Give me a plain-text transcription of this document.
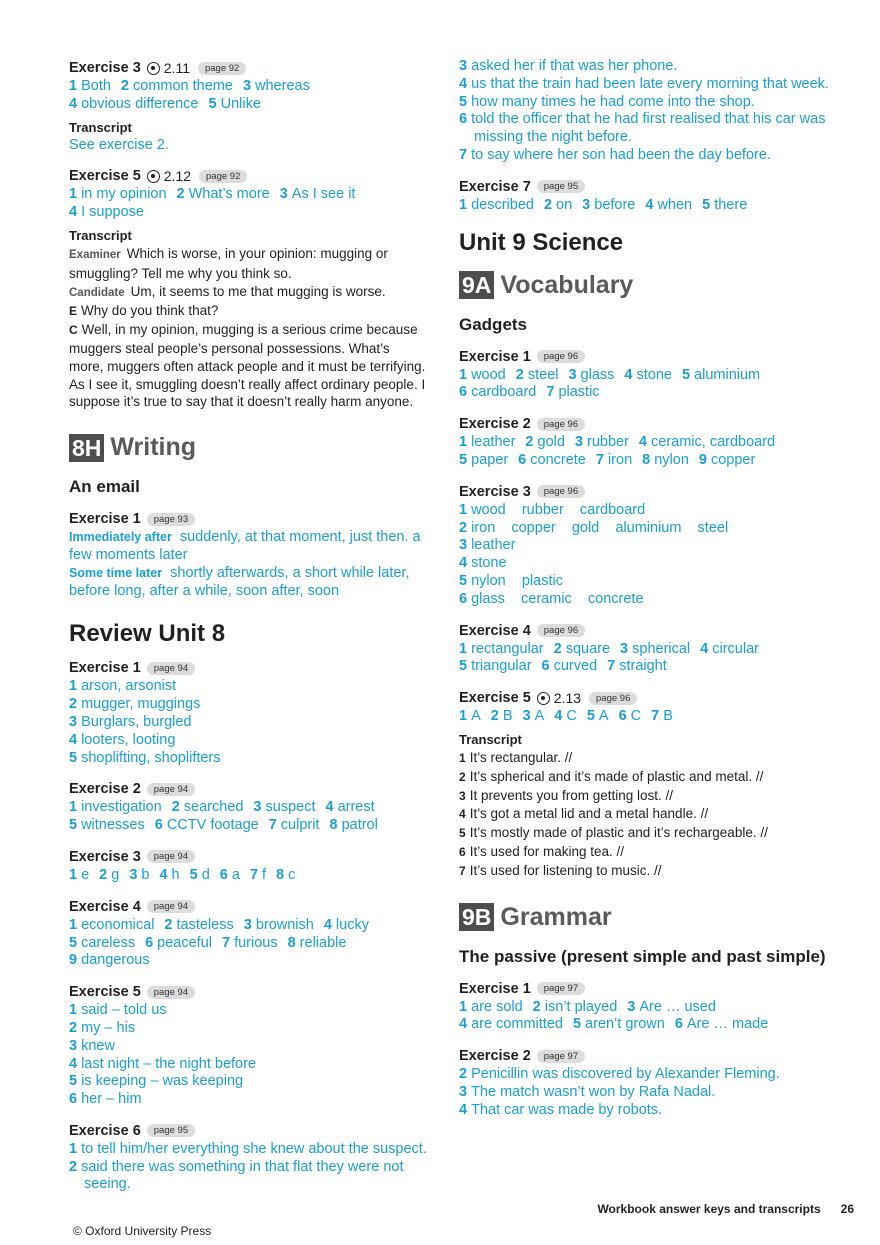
Exercise 3 2.11	page 92
1 Both 2 common theme 3 whereas
4 obvious difference 5 Unlike
Transcript
See exercise 2.
Exercise 5 2.12	page 92
1 in my opinion 2 What’s more 3 As I see it
4 I suppose
Transcript
Examiner Which is worse, in your opinion: mugging or smuggling? Tell me why you think so.
Candidate Um, it seems to me that mugging is worse.
E Why do you think that?
C Well, in my opinion, mugging is a serious crime because muggers steal people’s personal possessions. What’s more, muggers often attack people and it must be terrifying. As I see it, smuggling doesn’t really affect ordinary people. I suppose it’s true to say that it doesn’t really harm anyone.
8H Writing
An email
Exercise 1	page 93
Immediately after suddenly, at that moment, just then. a few moments later
Some time later shortly afterwards, a short while later, before long, after a while, soon after, soon
Review Unit 8
Exercise 1	page 94
1 arson, arsonist
2 mugger, muggings
3 Burglars, burgled
4 looters, looting
5 shoplifting, shoplifters
Exercise 2	page 94
1 investigation 2 searched 3 suspect 4 arrest
5 witnesses 6 CCTV footage 7 culprit 8 patrol
Exercise 3	page 94
1 e 2 g 3 b 4 h 5 d 6 a 7 f 8 c
Exercise 4	page 94
1 economical 2 tasteless 3 brownish 4 lucky
5 careless 6 peaceful 7 furious 8 reliable
9 dangerous
Exercise 5	page 94
1 said – told us
2 my – his
3 knew
4 last night – the night before
5 is keeping – was keeping
6 her – him
Exercise 6	page 95
1 to tell him/her everything she knew about the suspect.
2 said there was something in that flat they were not seeing.
3 asked her if that was her phone.
4 us that the train had been late every morning that week.
5 how many times he had come into the shop.
6 told the officer that he had first realised that his car was missing the night before.
7 to say where her son had been the day before.
Exercise 7	page 95
1 described 2 on 3 before 4 when 5 there
Unit 9 Science
9A Vocabulary
Gadgets
Exercise 1	page 96
1 wood 2 steel 3 glass 4 stone 5 aluminium
6 cardboard 7 plastic
Exercise 2	page 96
1 leather 2 gold 3 rubber 4 ceramic, cardboard
5 paper 6 concrete 7 iron 8 nylon 9 copper
Exercise 3	page 96
1 wood    rubber    cardboard
2 iron    copper    gold    aluminium    steel
3 leather
4 stone
5 nylon    plastic
6 glass    ceramic    concrete
Exercise 4	page 96
1 rectangular 2 square 3 spherical 4 circular
5 triangular 6 curved 7 straight
Exercise 5 2.13	page 96
1 A 2 B 3 A 4 C 5 A 6 C 7 B
Transcript
1 It’s rectangular. //
2 It’s spherical and it’s made of plastic and metal. //
3 It prevents you from getting lost. //
4 It’s got a metal lid and a metal handle. //
5 It’s mostly made of plastic and it’s rechargeable. //
6 It’s used for making tea. //
7 It’s used for listening to music. //
9B Grammar
The passive (present simple and past simple)
Exercise 1	page 97
1 are sold 2 isn’t played 3 Are … used
4 are committed 5 aren’t grown 6 Are … made
Exercise 2	page 97
2 Penicillin was discovered by Alexander Fleming.
3 The match wasn’t won by Rafa Nadal.
4 That car was made by robots.
Workbook answer keys and transcripts 26
© Oxford University Press
